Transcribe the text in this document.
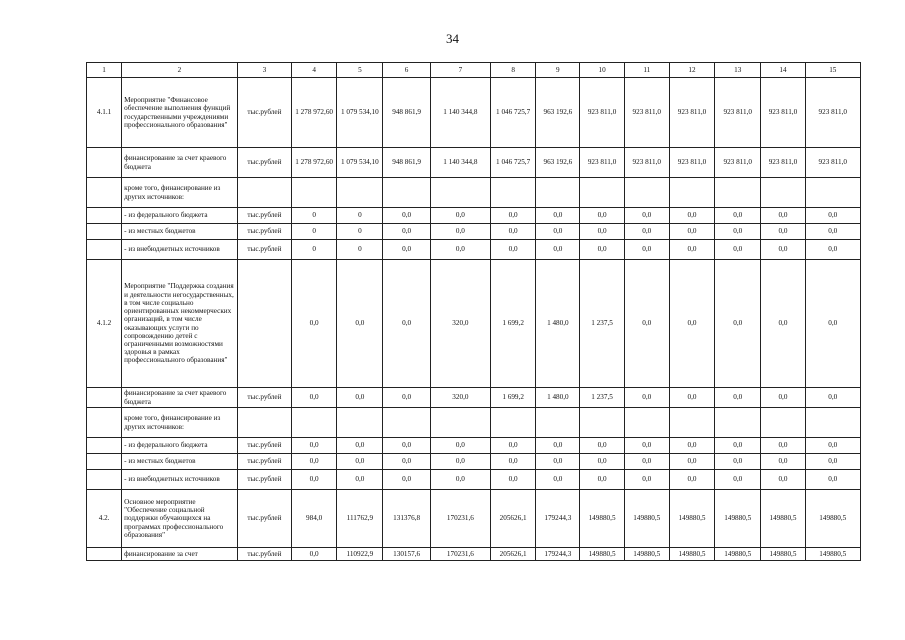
34
1	2	3	4	5	6	7	8	9	10	11	12	13	14	15
4.1.1	Мероприятие "Финансовое обеспечение выполнения функций государственными учреждениями профессионального образования"	тыс.рублей	1 278 972,60	1 079 534,10	948 861,9	1 140 344,8	1 046 725,7	963 192,6	923 811,0	923 811,0	923 811,0	923 811,0	923 811,0	923 811,0
	финансирование за счет краевого бюджета	тыс.рублей	1 278 972,60	1 079 534,10	948 861,9	1 140 344,8	1 046 725,7	963 192,6	923 811,0	923 811,0	923 811,0	923 811,0	923 811,0	923 811,0
	кроме того, финансирование из других источников:													
	- из федерального бюджета	тыс.рублей	0	0	0,0	0,0	0,0	0,0	0,0	0,0	0,0	0,0	0,0	0,0
	- из местных бюджетов	тыс.рублей	0	0	0,0	0,0	0,0	0,0	0,0	0,0	0,0	0,0	0,0	0,0
	- из внебюджетных источников	тыс.рублей	0	0	0,0	0,0	0,0	0,0	0,0	0,0	0,0	0,0	0,0	0,0
4.1.2	Мероприятие "Поддержка создания и деятельности негосударственных, в том числе социально ориентированных некоммерческих организаций, в том числе оказывающих услуги по сопровождению детей с ограниченными возможностями здоровья в рамках профессионального образования"		0,0	0,0	0,0	320,0	1 699,2	1 480,0	1 237,5	0,0	0,0	0,0	0,0	0,0
	финансирование за счет краевого бюджета	тыс.рублей	0,0	0,0	0,0	320,0	1 699,2	1 480,0	1 237,5	0,0	0,0	0,0	0,0	0,0
	кроме того, финансирование из других источников:													
	- из федерального бюджета	тыс.рублей	0,0	0,0	0,0	0,0	0,0	0,0	0,0	0,0	0,0	0,0	0,0	0,0
	- из местных бюджетов	тыс.рублей	0,0	0,0	0,0	0,0	0,0	0,0	0,0	0,0	0,0	0,0	0,0	0,0
	- из внебюджетных источников	тыс.рублей	0,0	0,0	0,0	0,0	0,0	0,0	0,0	0,0	0,0	0,0	0,0	0,0
4.2.	Основное мероприятие "Обеспечение социальной поддержки обучающихся на программах профессионального образования"	тыс.рублей	984,0	111762,9	131376,8	170231,6	205626,1	179244,3	149880,5	149880,5	149880,5	149880,5	149880,5	149880,5
	финансирование за счет	тыс.рублей	0,0	110922,9	130157,6	170231,6	205626,1	179244,3	149880,5	149880,5	149880,5	149880,5	149880,5	149880,5
